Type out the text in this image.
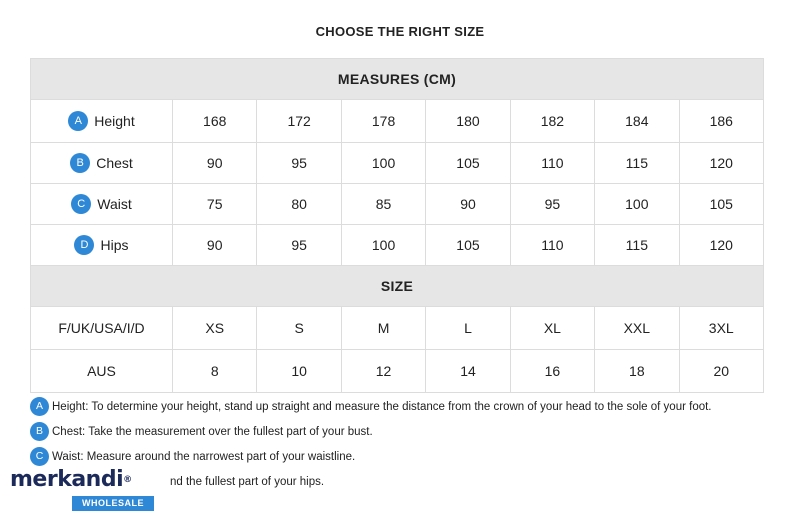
CHOOSE THE RIGHT SIZE
MEASURES (CM)							
A Height	168	172	178	180	182	184	186
B Chest	90	95	100	105	110	115	120
C Waist	75	80	85	90	95	100	105
D Hips	90	95	100	105	110	115	120
SIZE							
F/UK/USA/I/D	XS	S	M	L	XL	XXL	3XL
AUS	8	10	12	14	16	18	20
A Height: To determine your height, stand up straight and measure the distance from the crown of your head to the sole of your foot.
B Chest: Take the measurement over the fullest part of your bust.
C Waist: Measure around the narrowest part of your waistline.
nd the fullest part of your hips.
merkandi®
WHOLESALE
